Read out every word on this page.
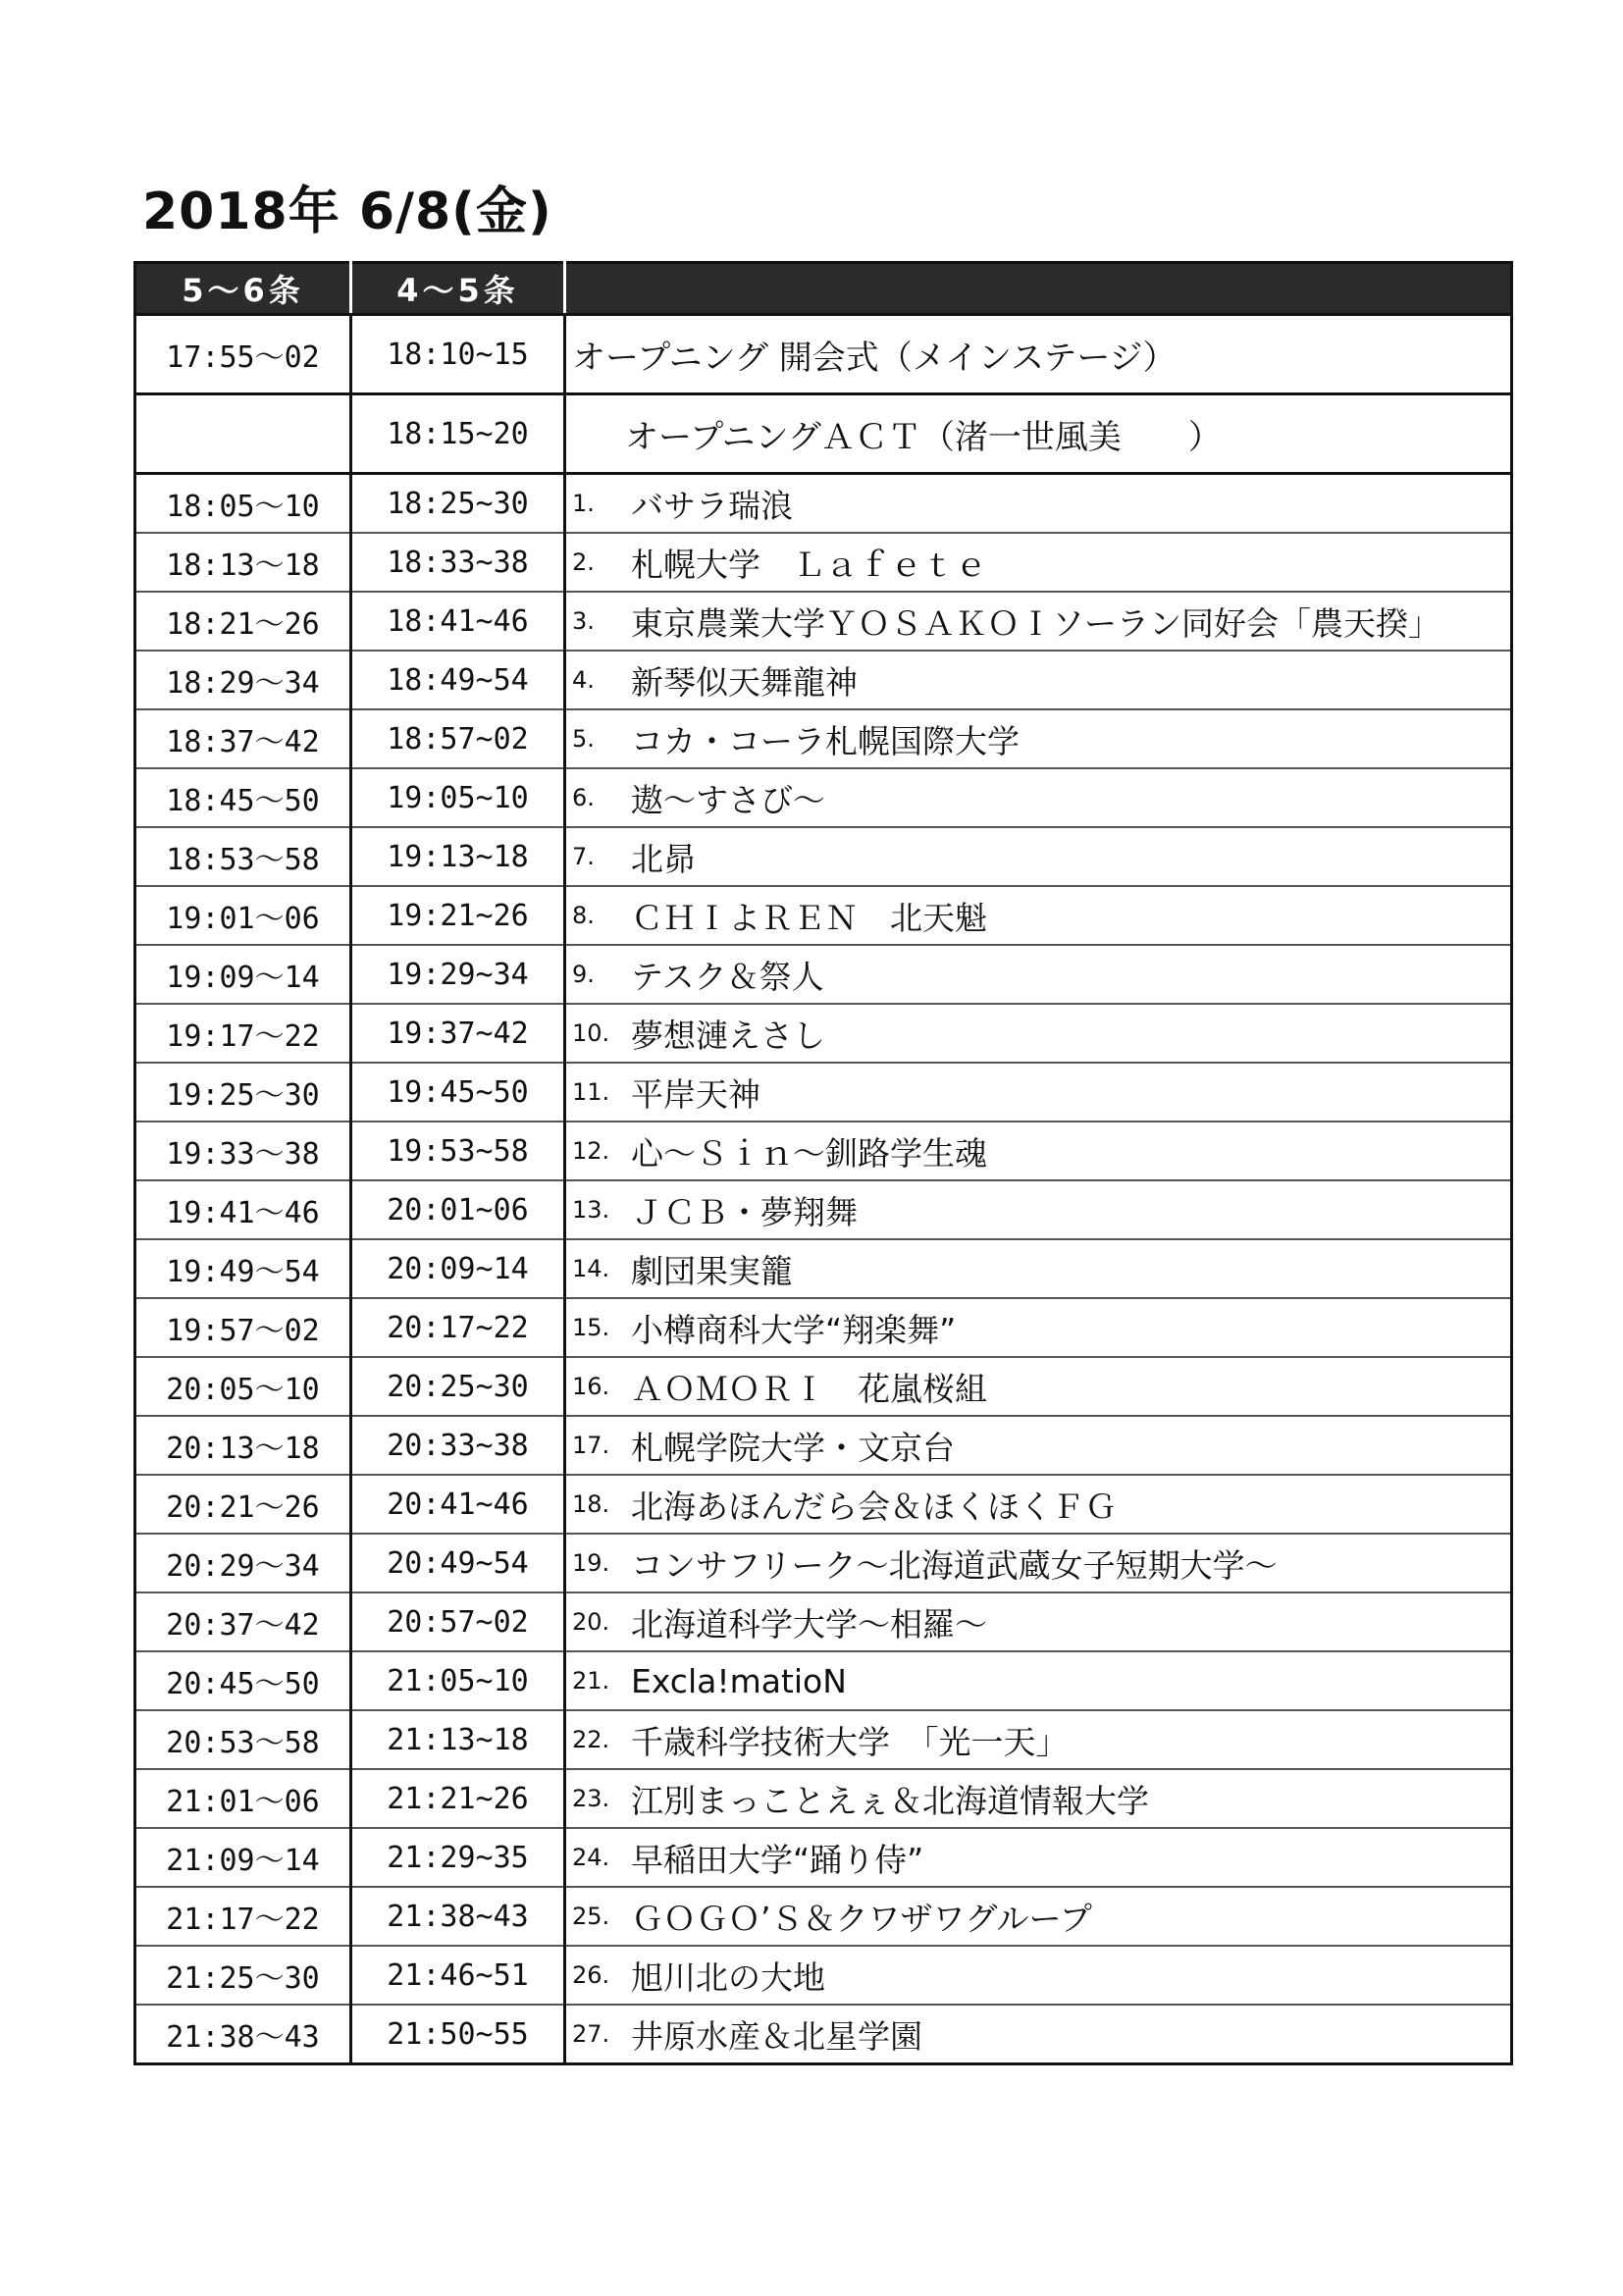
2018年 6/8(金)
5～6条	4～5条	
17:55～02	18:10~15	オープニング 開会式（メインステージ）
	18:15~20	オープニングＡＣＴ（渚一世風美　　）
18:05～10	18:25~30	1. バサラ瑞浪
18:13～18	18:33~38	2. 札幌大学　Ｌａｆｅｔｅ
18:21～26	18:41~46	3. 東京農業大学ＹＯＳＡＫＯＩソーラン同好会「農天揆」
18:29～34	18:49~54	4. 新琴似天舞龍神
18:37～42	18:57~02	5. コカ・コーラ札幌国際大学
18:45～50	19:05~10	6. 遨～すさび～
18:53～58	19:13~18	7. 北昴
19:01～06	19:21~26	8. ＣＨＩよＲＥＮ　北天魁
19:09～14	19:29~34	9. テスク＆祭人
19:17～22	19:37~42	10. 夢想漣えさし
19:25～30	19:45~50	11. 平岸天神
19:33～38	19:53~58	12. 心～Ｓｉｎ～釧路学生魂
19:41～46	20:01~06	13. ＪＣＢ・夢翔舞
19:49～54	20:09~14	14. 劇団果実籠
19:57～02	20:17~22	15. 小樽商科大学“翔楽舞”
20:05～10	20:25~30	16. ＡＯＭＯＲＩ　花嵐桜組
20:13～18	20:33~38	17. 札幌学院大学・文京台
20:21～26	20:41~46	18. 北海あほんだら会＆ほくほくＦＧ
20:29～34	20:49~54	19. コンサフリーク～北海道武蔵女子短期大学～
20:37～42	20:57~02	20. 北海道科学大学～相羅～
20:45～50	21:05~10	21. Excla!matioN
20:53～58	21:13~18	22. 千歳科学技術大学　「光一天」
21:01～06	21:21~26	23. 江別まっことえぇ＆北海道情報大学
21:09～14	21:29~35	24. 早稲田大学“踊り侍”
21:17～22	21:38~43	25. ＧＯＧＯ’Ｓ＆クワザワグループ
21:25～30	21:46~51	26. 旭川北の大地
21:38～43	21:50~55	27. 井原水産＆北星学園
